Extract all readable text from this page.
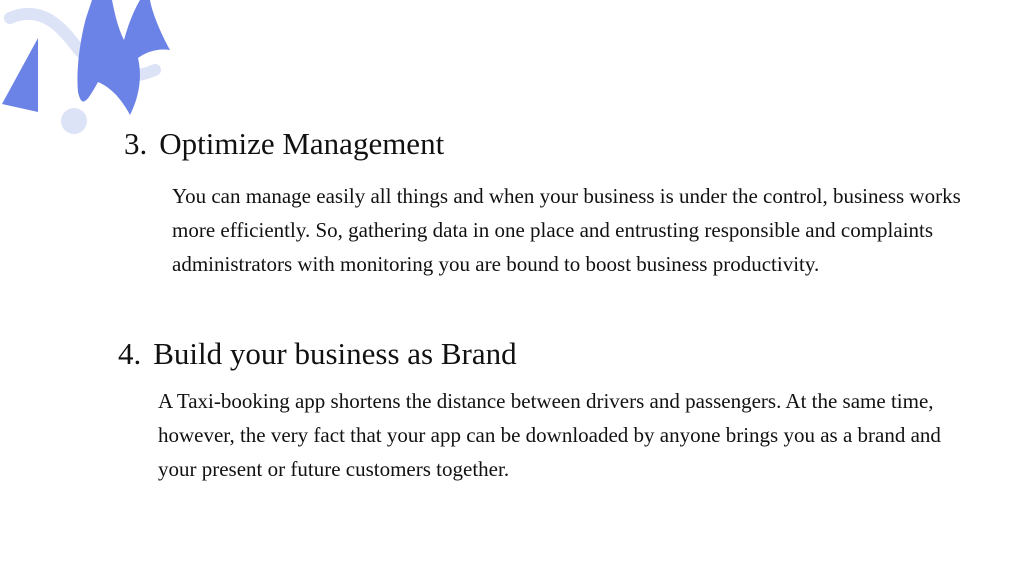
3. Optimize Management

You can manage easily all things and when your business is under the control, business works more efficiently. So, gathering data in one place and entrusting responsible and complaints administrators with monitoring you are bound to boost business productivity.

4. Build your business as Brand

A Taxi-booking app shortens the distance between drivers and passengers. At the same time, however, the very fact that your app can be downloaded by anyone brings you as a brand and your present or future customers together.
